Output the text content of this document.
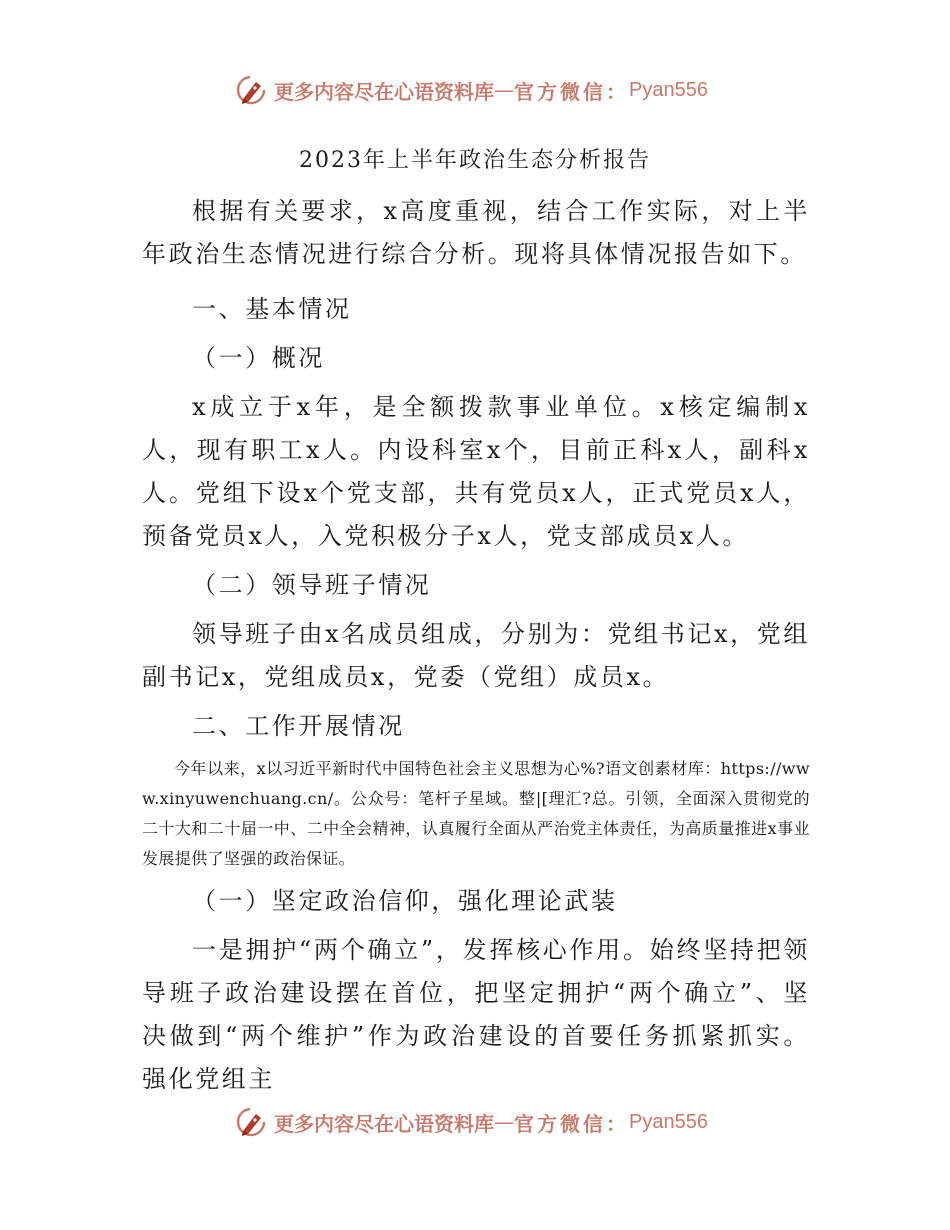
更多内容尽在心语资料库 — 官方微信： Pyan556
2023年上半年政治生态分析报告

根据有关要求，x高度重视，结合工作实际，对上半年政治生态情况进行综合分析。现将具体情况报告如下。

一、基本情况

（一）概况

x成立于x年，是全额拨款事业单位。x核定编制x人，现有职工x人。内设科室x个，目前正科x人，副科x人。党组下设x个党支部，共有党员x人，正式党员x人，预备党员x人，入党积极分子x人，党支部成员x人。

（二）领导班子情况

领导班子由x名成员组成，分别为：党组书记x，党组副书记x，党组成员x，党委（党组）成员x。

二、工作开展情况

今年以来，x以习近平新时代中国特色社会主义思想为心%?语文创素材库：https://www.xinyuwenchuang.cn/。公众号：笔杆子星域。整|[理汇?总。引领，全面深入贯彻党的二十大和二十届一中、二中全会精神，认真履行全面从严治党主体责任，为高质量推进x事业发展提供了坚强的政治保证。

（一）坚定政治信仰，强化理论武装

一是拥护“两个确立”，发挥核心作用。始终坚持把领导班子政治建设摆在首位，把坚定拥护“两个确立”、坚决做到“两个维护”作为政治建设的首要任务抓紧抓实。强化党组主

更多内容尽在心语资料库 — 官方微信： Pyan556
